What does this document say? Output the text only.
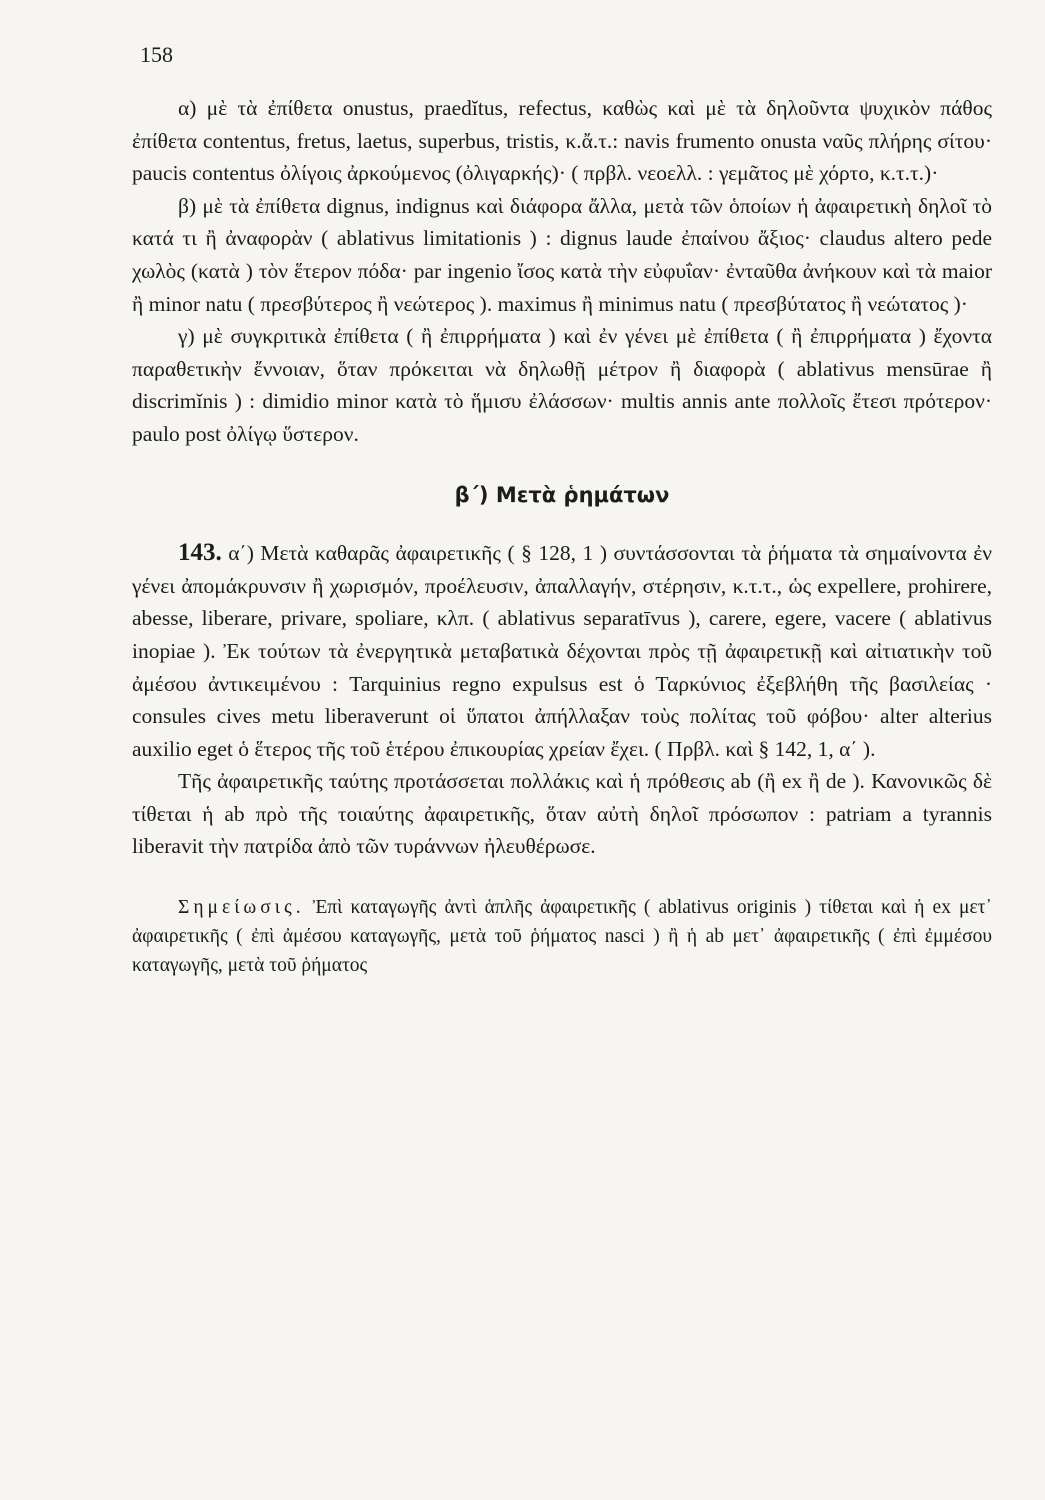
158

α) μὲ τὰ ἐπίθετα onustus, praedĭtus, refectus, καθὼς καὶ μὲ τὰ δηλοῦντα ψυχικὸν πάθος ἐπίθετα contentus, fretus, laetus, superbus, tristis, κ.ἄ.τ.: navis frumento onusta ναῦς πλήρης σίτου· paucis contentus ὀλίγοις ἀρκούμενος (ὀλιγαρκής)· ( πρβλ. νεοελλ. : γεμᾶτος μὲ χόρτο, κ.τ.τ.)·

β) μὲ τὰ ἐπίθετα dignus, indignus καὶ διάφορα ἄλλα, μετὰ τῶν ὁποίων ἡ ἀφαιρετικὴ δηλοῖ τὸ κατά τι ἢ ἀναφορὰν ( ablativus limitationis ) : dignus laude ἐπαίνου ἄξιος· claudus altero pede χωλὸς (κατὰ ) τὸν ἕτερον πόδα· par ingenio ἴσος κατὰ τὴν εὐφυΐαν· ἐνταῦθα ἀνήκουν καὶ τὰ maior ἢ minor natu ( πρεσβύτερος ἢ νεώτερος ). maximus ἢ minimus natu ( πρεσβύτατος ἢ νεώτατος )·

γ) μὲ συγκριτικὰ ἐπίθετα ( ἢ ἐπιρρήματα ) καὶ ἐν γένει μὲ ἐπίθετα ( ἢ ἐπιρρήματα ) ἔχοντα παραθετικὴν ἔννοιαν, ὅταν πρόκειται νὰ δηλωθῇ μέτρον ἢ διαφορὰ ( ablativus mensūrae ἢ discrimĭnis ) : dimidio minor κατὰ τὸ ἥμισυ ἐλάσσων· multis annis ante πολλοῖς ἔτεσι πρότερον· paulo post ὀλίγῳ ὕστερον.

β΄) Μετὰ ῥημάτων

143. α΄) Μετὰ καθαρᾶς ἀφαιρετικῆς ( § 128, 1 ) συντάσσονται τὰ ῥήματα τὰ σημαίνοντα ἐν γένει ἀπομάκρυνσιν ἢ χωρισμόν, προέλευσιν, ἀπαλλαγήν, στέρησιν, κ.τ.τ., ὡς expellere, prohirere, abesse, liberare, privare, spoliare, κλπ. ( ablativus separatīvus ), carere, egere, vacere ( ablativus inopiae ). Ἐκ τούτων τὰ ἐνεργητικὰ μεταβατικὰ δέχονται πρὸς τῇ ἀφαιρετικῇ καὶ αἰτιατικὴν τοῦ ἀμέσου ἀντικειμένου : Tarquinius regno expulsus est ὁ Ταρκύνιος ἐξεβλήθη τῆς βασιλείας · consules cives metu liberaverunt οἱ ὕπατοι ἀπήλλαξαν τοὺς πολίτας τοῦ φόβου· alter alterius auxilio eget ὁ ἕτερος τῆς τοῦ ἑτέρου ἐπικουρίας χρείαν ἔχει. ( Πρβλ. καὶ § 142, 1, α΄ ).

Τῆς ἀφαιρετικῆς ταύτης προτάσσεται πολλάκις καὶ ἡ πρόθεσις ab (ἢ ex ἢ de ). Κανονικῶς δὲ τίθεται ἡ ab πρὸ τῆς τοιαύτης ἀφαιρετικῆς, ὅταν αὐτὴ δηλοῖ πρόσωπον : patriam a tyrannis liberavit τὴν πατρίδα ἀπὸ τῶν τυράννων ἠλευθέρωσε.

Σημείωσις. Ἐπὶ καταγωγῆς ἀντὶ ἁπλῆς ἀφαιρετικῆς ( ablativus originis ) τίθεται καὶ ἡ ex μετ᾽ ἀφαιρετικῆς ( ἐπὶ ἀμέσου καταγωγῆς, μετὰ τοῦ ῥήματος nasci ) ἢ ἡ ab μετ᾽ ἀφαιρετικῆς ( ἐπὶ ἐμμέσου καταγωγῆς, μετὰ τοῦ ῥήματος
